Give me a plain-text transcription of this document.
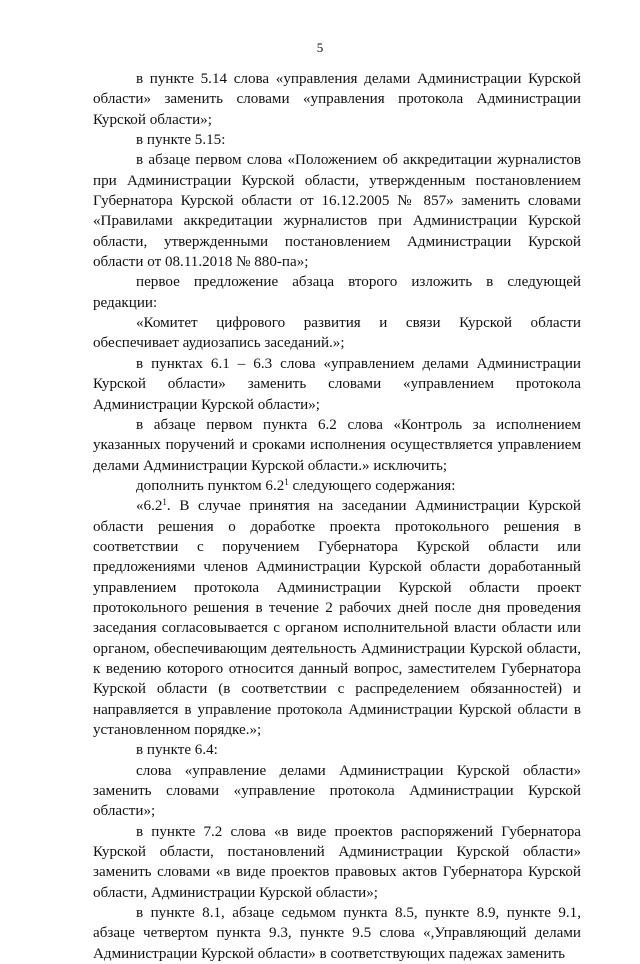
5

в пункте 5.14 слова «управления делами Администрации Курской области» заменить словами «управления протокола Администрации Курской области»;

в пункте 5.15:

в абзаце первом слова «Положением об аккредитации журналистов при Администрации Курской области, утвержденным постановлением Губернатора Курской области от 16.12.2005 № 857» заменить словами «Правилами аккредитации журналистов при Администрации Курской области, утвержденными постановлением Администрации Курской области от 08.11.2018 № 880-па»;

первое предложение абзаца второго изложить в следующей редакции:

«Комитет цифрового развития и связи Курской области обеспечивает аудиозапись заседаний.»;

в пунктах 6.1 – 6.3 слова «управлением делами Администрации Курской области» заменить словами «управлением протокола Администрации Курской области»;

в абзаце первом пункта 6.2 слова «Контроль за исполнением указанных поручений и сроками исполнения осуществляется управлением делами Администрации Курской области.» исключить;

дополнить пунктом $6.2^1$ следующего содержания:

«$6.2^1$. В случае принятия на заседании Администрации Курской области решения о доработке проекта протокольного решения в соответствии с поручением Губернатора Курской области или предложениями членов Администрации Курской области доработанный управлением протокола Администрации Курской области проект протокольного решения в течение 2 рабочих дней после дня проведения заседания согласовывается с органом исполнительной власти области или органом, обеспечивающим деятельность Администрации Курской области, к ведению которого относится данный вопрос, заместителем Губернатора Курской области (в соответствии с распределением обязанностей) и направляется в управление протокола Администрации Курской области в установленном порядке.»;

в пункте 6.4:

слова «управление делами Администрации Курской области» заменить словами «управление протокола Администрации Курской области»;

в пункте 7.2 слова «в виде проектов распоряжений Губернатора Курской области, постановлений Администрации Курской области» заменить словами «в виде проектов правовых актов Губернатора Курской области, Администрации Курской области»;

в пункте 8.1, абзаце седьмом пункта 8.5, пункте 8.9, пункте 9.1, абзаце четвертом пункта 9.3, пункте 9.5 слова «,Управляющий делами Администрации Курской области» в соответствующих падежах заменить
